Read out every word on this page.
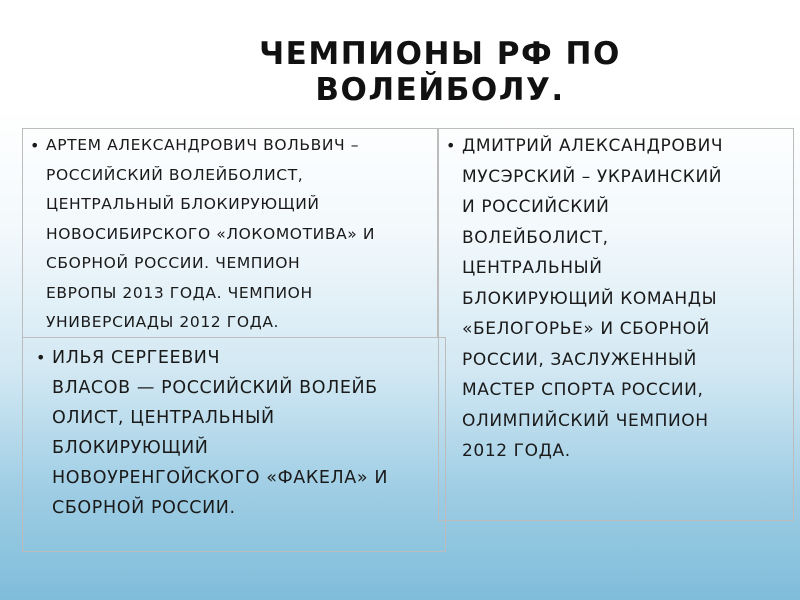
ЧЕМПИОНЫ РФ ПО
ВОЛЕЙБОЛУ.
• АРТЕМ АЛЕКСАНДРОВИЧ ВОЛЬВИЧ –
РОССИЙСКИЙ ВОЛЕЙБОЛИСТ,
ЦЕНТРАЛЬНЫЙ БЛОКИРУЮЩИЙ
НОВОСИБИРСКОГО «ЛОКОМОТИВА» И
СБОРНОЙ РОССИИ. ЧЕМПИОН
ЕВРОПЫ 2013 ГОДА. ЧЕМПИОН
УНИВЕРСИАДЫ 2012 ГОДА.
• ИЛЬЯ СЕРГЕЕВИЧ
ВЛАСОВ — РОССИЙСКИЙ ВОЛЕЙБ
ОЛИСТ, ЦЕНТРАЛЬНЫЙ
БЛОКИРУЮЩИЙ
НОВОУРЕНГОЙСКОГО «ФАКЕЛА» И
СБОРНОЙ РОССИИ.
• ДМИТРИЙ АЛЕКСАНДРОВИЧ
МУСЭРСКИЙ – УКРАИНСКИЙ
И РОССИЙСКИЙ
ВОЛЕЙБОЛИСТ,
ЦЕНТРАЛЬНЫЙ
БЛОКИРУЮЩИЙ КОМАНДЫ
«БЕЛОГОРЬЕ» И СБОРНОЙ
РОССИИ, ЗАСЛУЖЕННЫЙ
МАСТЕР СПОРТА РОССИИ,
ОЛИМПИЙСКИЙ ЧЕМПИОН
2012 ГОДА.
